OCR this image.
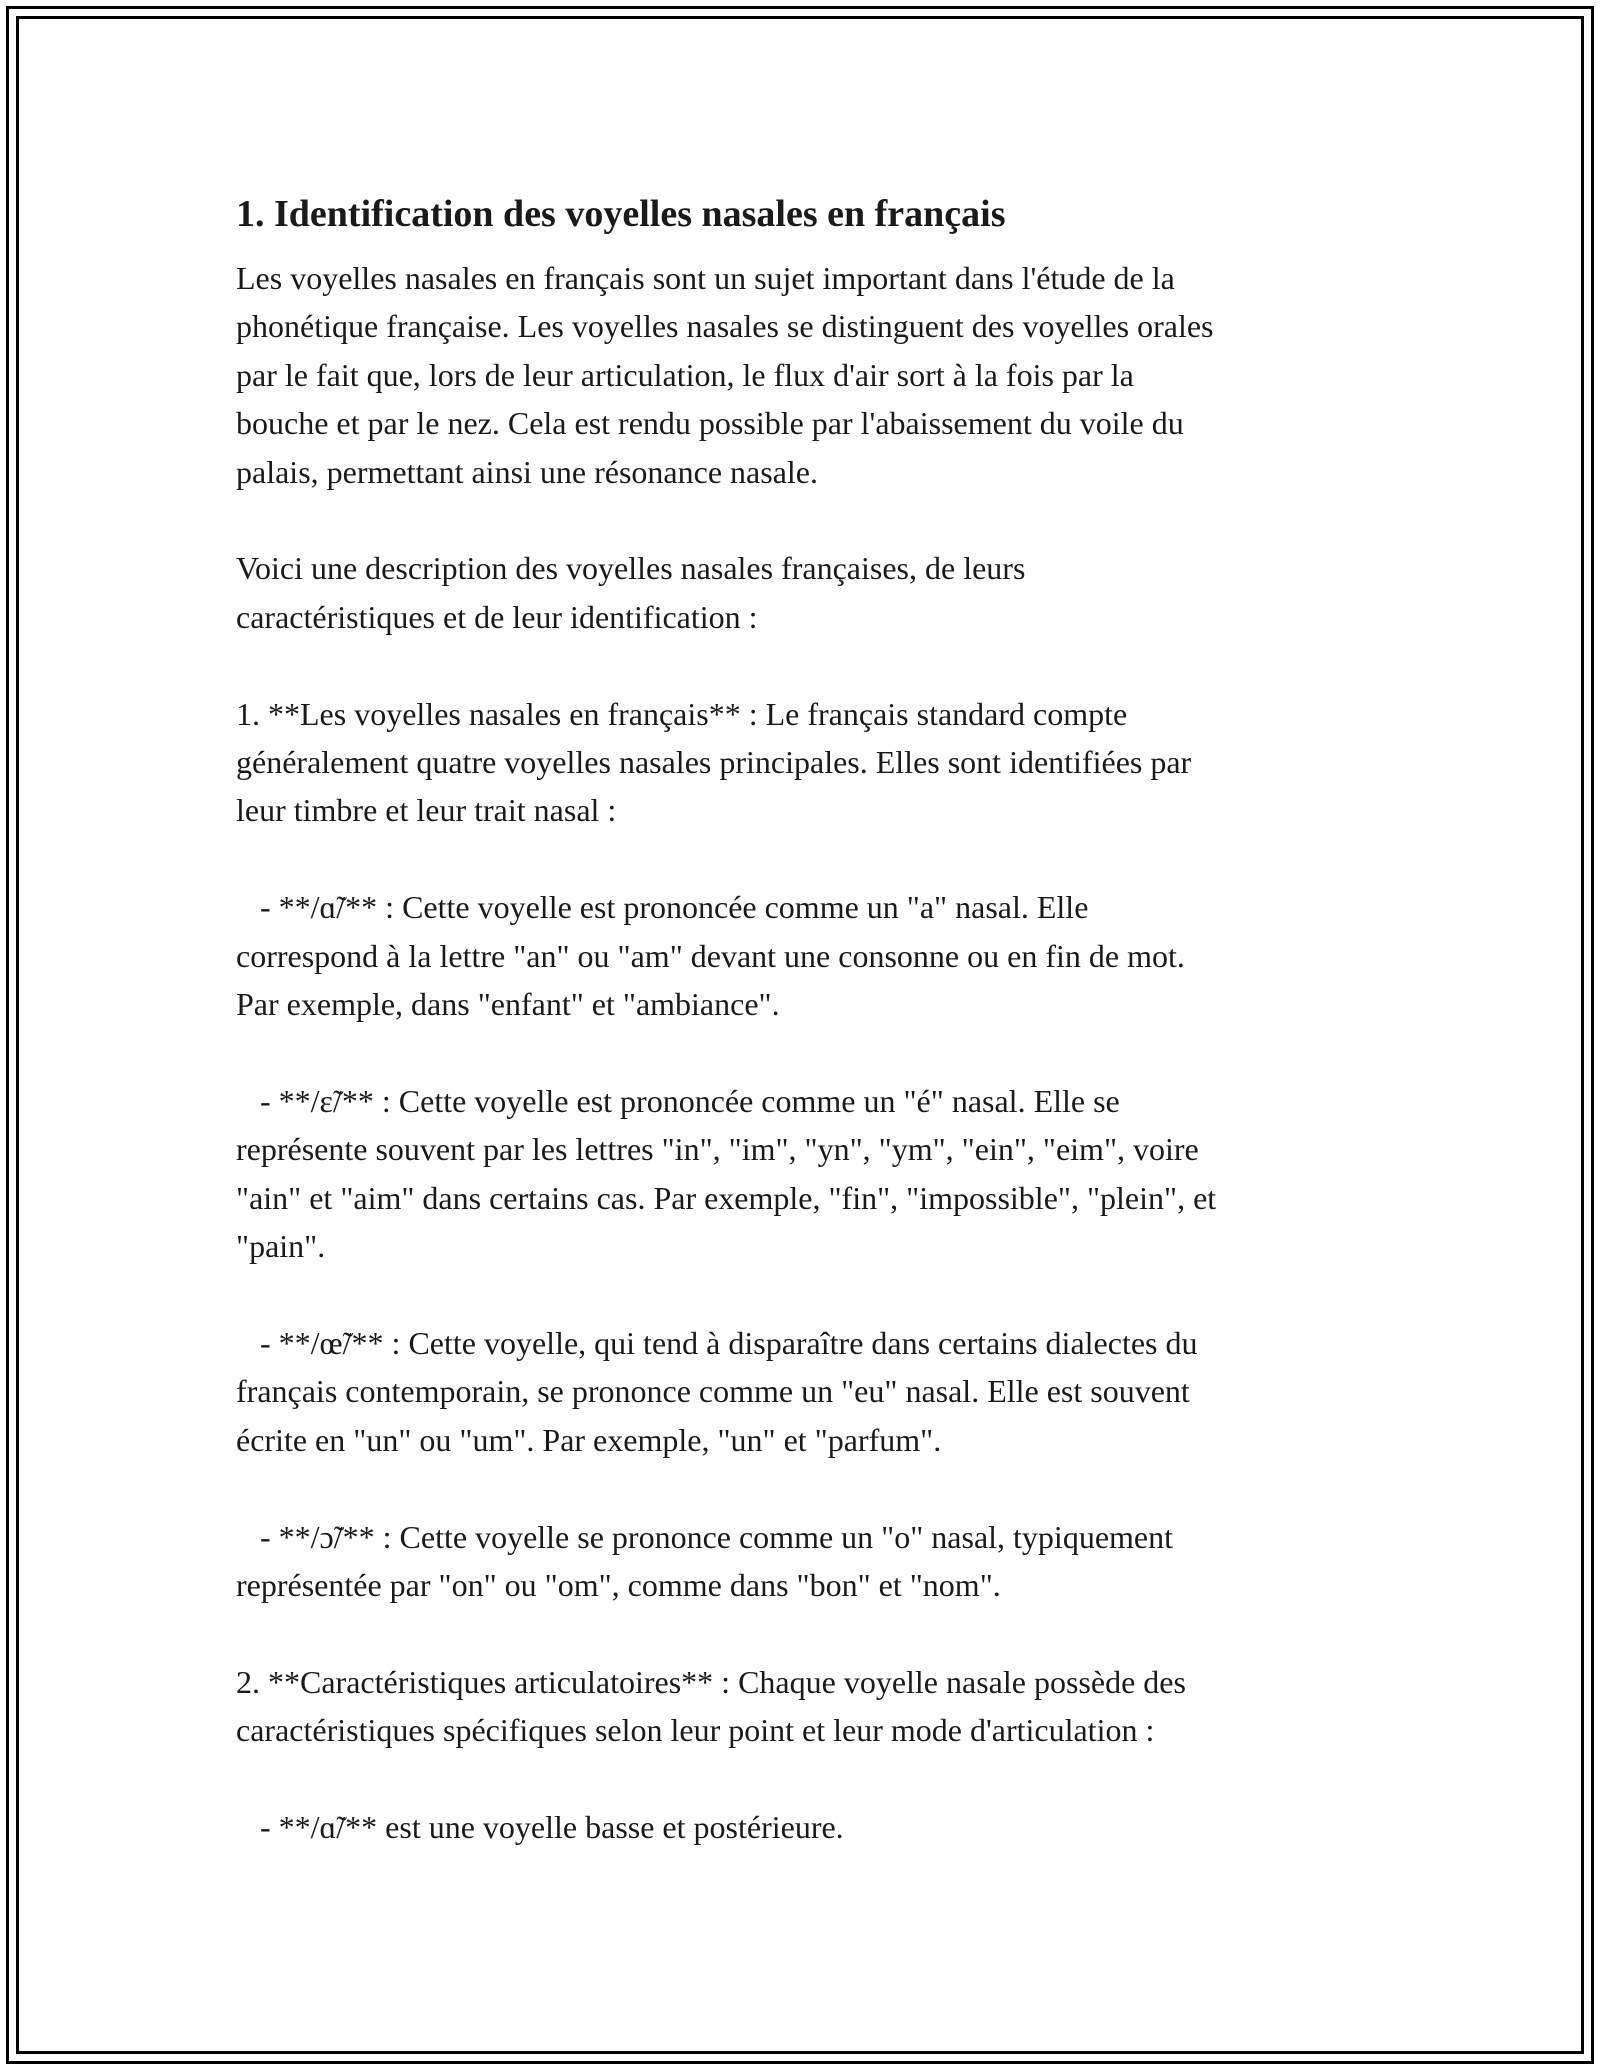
1. Identification des voyelles nasales en français
Les voyelles nasales en français sont un sujet important dans l'étude de la
phonétique française. Les voyelles nasales se distinguent des voyelles orales
par le fait que, lors de leur articulation, le flux d'air sort à la fois par la
bouche et par le nez. Cela est rendu possible par l'abaissement du voile du
palais, permettant ainsi une résonance nasale.

Voici une description des voyelles nasales françaises, de leurs
caractéristiques et de leur identification :

1. **Les voyelles nasales en français** : Le français standard compte
généralement quatre voyelles nasales principales. Elles sont identifiées par
leur timbre et leur trait nasal :

- **/ɑ̃/** : Cette voyelle est prononcée comme un "a" nasal. Elle
correspond à la lettre "an" ou "am" devant une consonne ou en fin de mot.
Par exemple, dans "enfant" et "ambiance".

- **/ɛ̃/** : Cette voyelle est prononcée comme un "é" nasal. Elle se
représente souvent par les lettres "in", "im", "yn", "ym", "ein", "eim", voire
"ain" et "aim" dans certains cas. Par exemple, "fin", "impossible", "plein", et
"pain".

- **/œ̃/** : Cette voyelle, qui tend à disparaître dans certains dialectes du
français contemporain, se prononce comme un "eu" nasal. Elle est souvent
écrite en "un" ou "um". Par exemple, "un" et "parfum".

- **/ɔ̃/** : Cette voyelle se prononce comme un "o" nasal, typiquement
représentée par "on" ou "om", comme dans "bon" et "nom".

2. **Caractéristiques articulatoires** : Chaque voyelle nasale possède des
caractéristiques spécifiques selon leur point et leur mode d'articulation :

- **/ɑ̃/** est une voyelle basse et postérieure.
